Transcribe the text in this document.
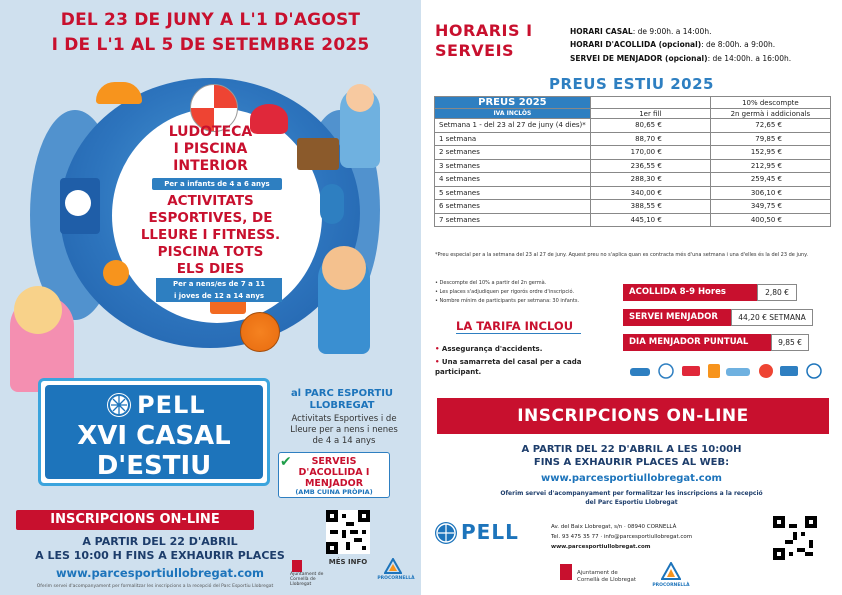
DEL 23 DE JUNY A L'1 D'AGOST
I DE L'1 AL 5 DE SETEMBRE 2025
LUDOTECA
I PISCINA
INTERIOR
Per a infants de 4 a 6 anys
ACTIVITATS
ESPORTIVES, DE
LLEURE I FITNESS.
PISCINA TOTS
ELS DIES
Per a nens/es de 7 a 11
i joves de 12 a 14 anys
PELL
XVI CASAL
D'ESTIU
al PARC ESPORTIU
LLOBREGAT
Activitats Esportives i de Lleure per a nens i nenes de 4 a 14 anys
SERVEIS
D'ACOLLIDA I
MENJADOR
(AMB CUINA PRÒPIA)
✔
INSCRIPCIONS ON-LINE
A PARTIR DEL 22 D'ABRIL
A LES 10:00 H FINS A EXHAURIR PLACES
www.parcesportiullobregat.com
Oferim servei d'acompanyament per formalitzar les inscripcions a la recepció del Parc Esportiu Llobregat
MÉS INFO
Ajuntament de Cornellà de Llobregat
PROCORNELLÀ
HORARIS I
SERVEIS
HORARI CASAL: de 9:00h. a 14:00h.
HORARI D'ACOLLIDA (opcional): de 8:00h. a 9:00h.
SERVEI DE MENJADOR (opcional): de 14:00h. a 16:00h.
PREUS ESTIU 2025
PREUS 2025		10% descompte
IVA INCLÒS	1er fill	2n germà i addicionals
Setmana 1 - del 23 al 27 de juny (4 dies)*	80,65 €	72,65 €
1 setmana	88,70 €	79,85 €
2 setmanes	170,00 €	152,95 €
3 setmanes	236,55 €	212,95 €
4 setmanes	288,30 €	259,45 €
5 setmanes	340,00 €	306,10 €
6 setmanes	388,55 €	349,75 €
7 setmanes	445,10 €	400,50 €
*Preu especial per a la setmana del 23 al 27 de juny. Aquest preu no s'aplica quan es contracta més d'una setmana i una d'elles és la del 23 de juny.
• Descompte del 10% a partir del 2n germà.
• Les places s'adjudiquen per rigorós ordre d'inscripció.
• Nombre mínim de participants per setmana: 30 infants.
LA TARIFA INCLOU
• Assegurança d'accidents.
• Una samarreta del casal per a cada
participant.
ACOLLIDA 8-9 Hores	2,80 €
SERVEI MENJADOR	44,20 € SETMANA
DIA MENJADOR PUNTUAL	9,85 €
INSCRIPCIONS ON-LINE
A PARTIR DEL 22 D'ABRIL A LES 10:00H
FINS A EXHAURIR PLACES AL WEB:
www.parcesportiullobregat.com
Oferim servei d'acompanyament per formalitzar les inscripcions a la recepció
del Parc Esportiu Llobregat
PELL	Av. del Baix Llobregat, s/n · 08940 CORNELLÀ
Tel. 93 475 35 77 · info@parcesportiullobregat.com
www.parcesportiullobregat.com
Ajuntament de
Cornellà de Llobregat
PROCORNELLÀ
